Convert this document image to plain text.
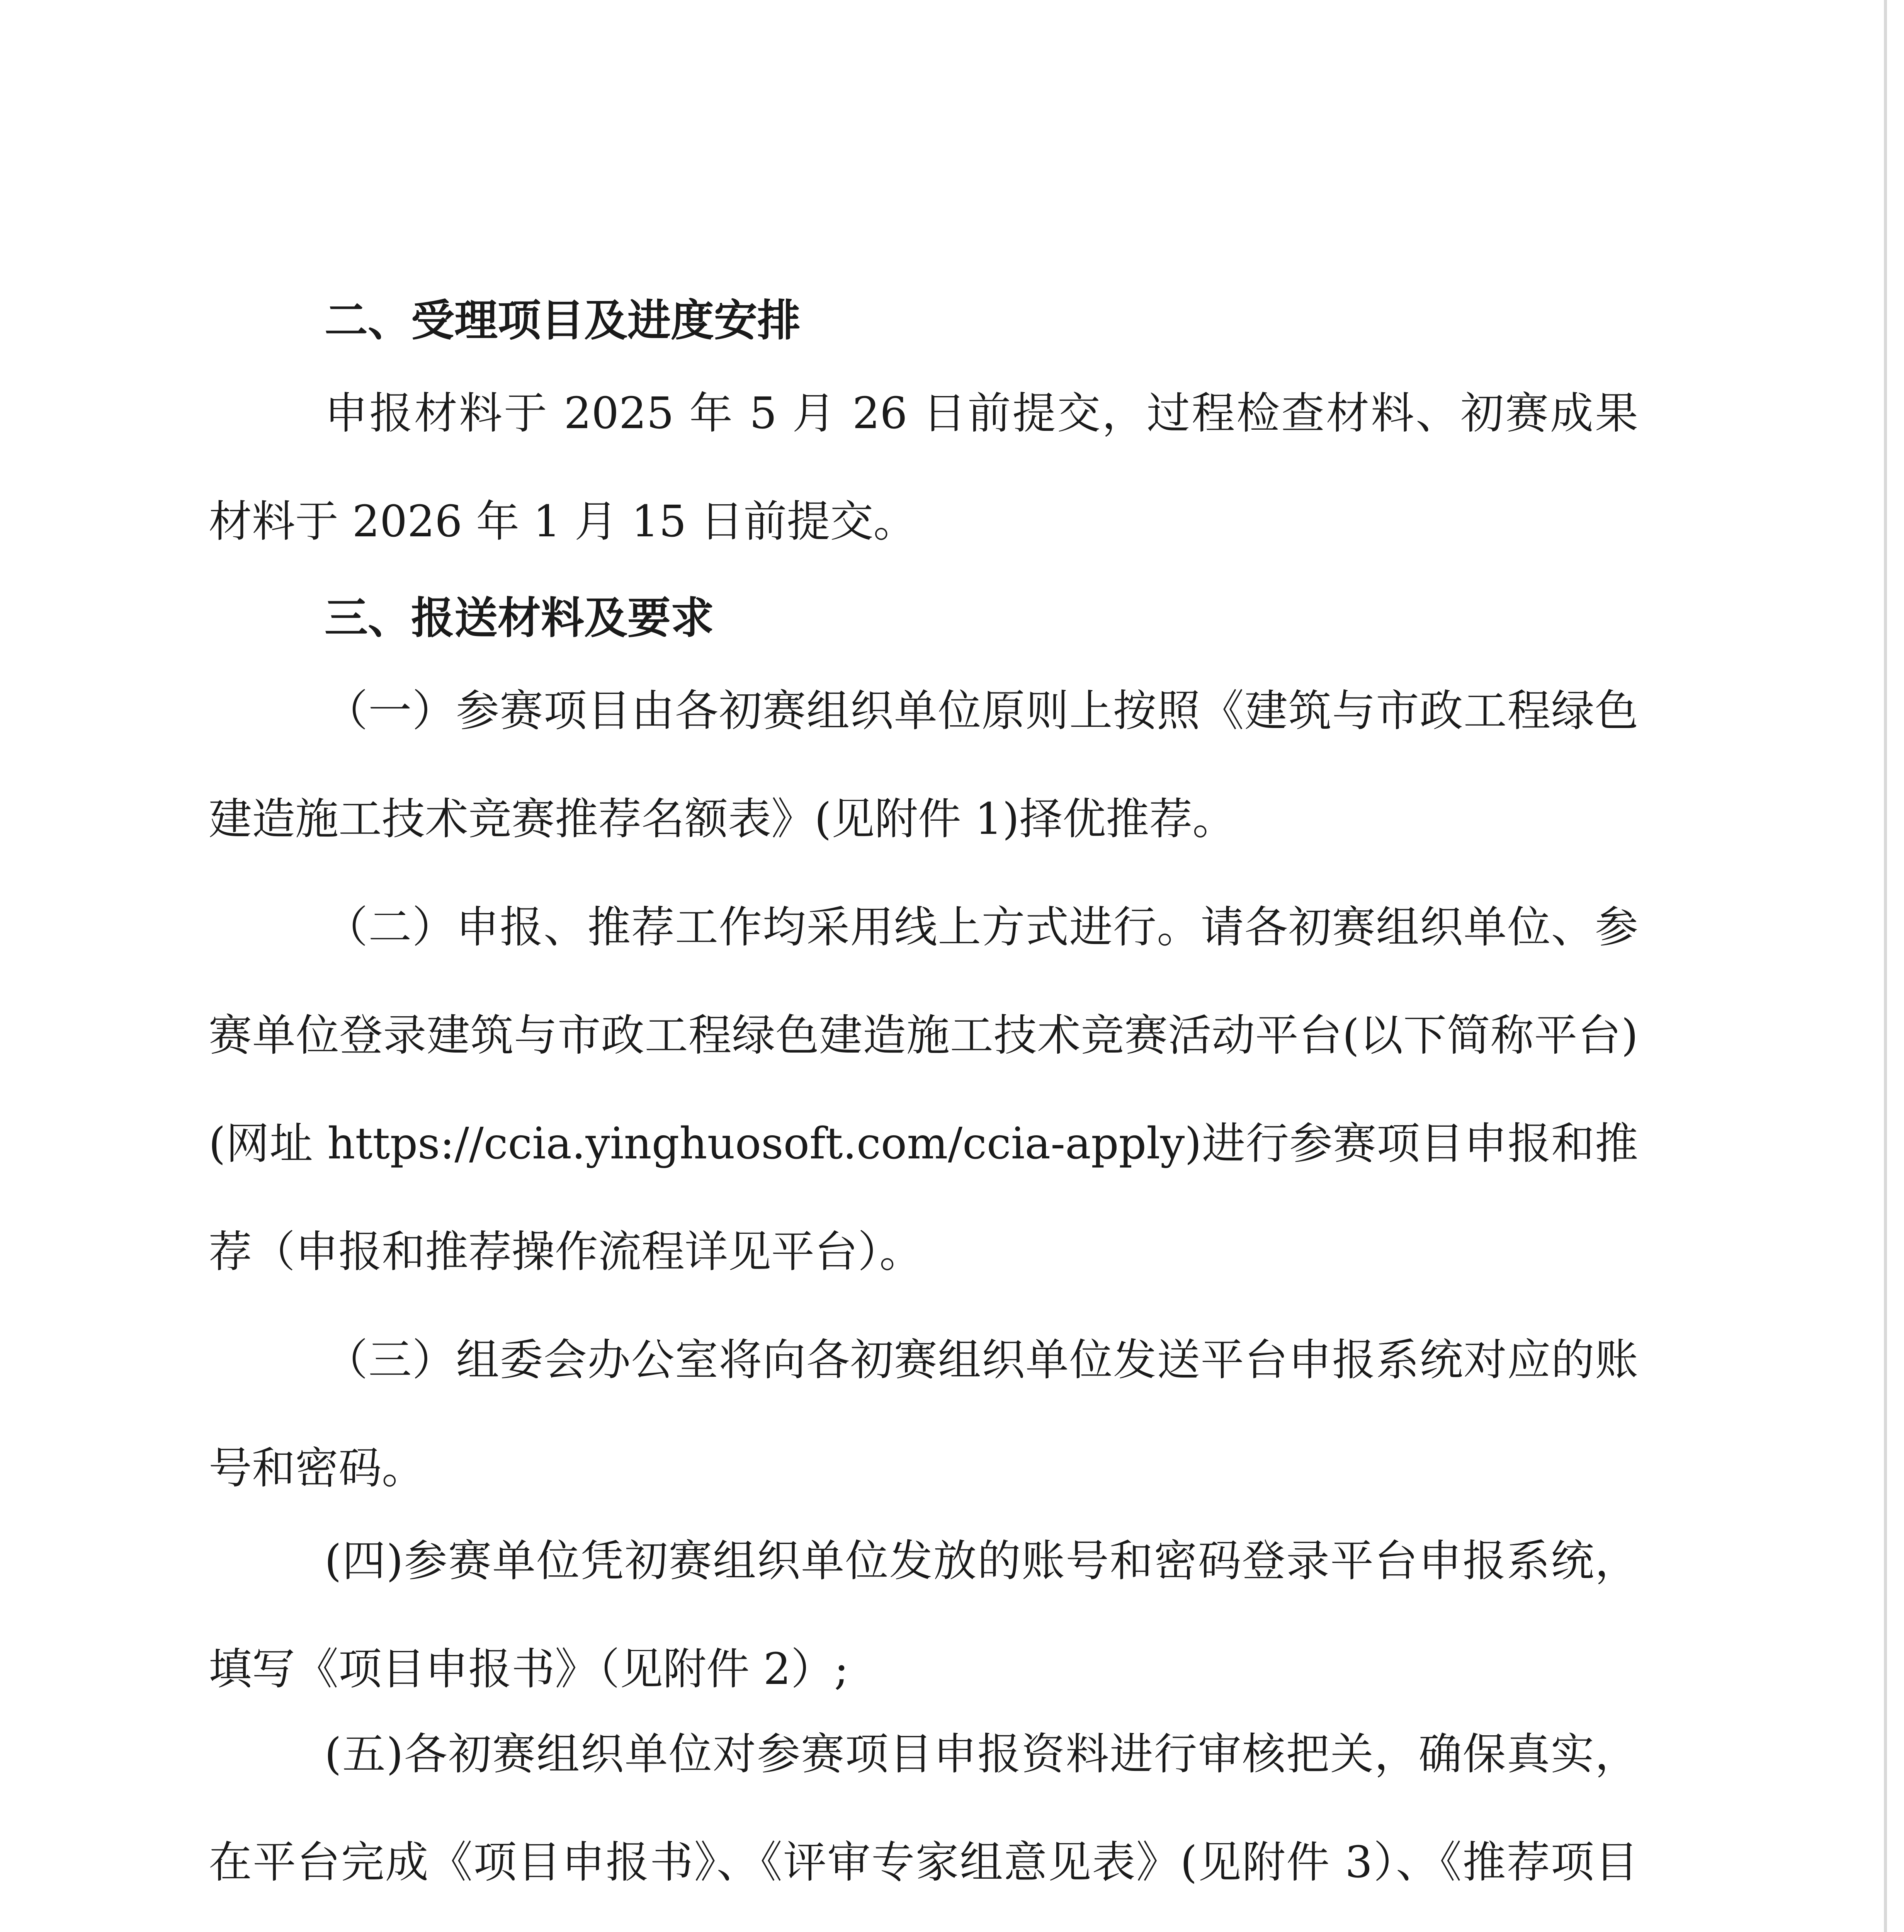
二、受理项目及进度安排
申报材料于 2025 年 5 月 26 日前提交，过程检查材料、初赛成果材料于 2026 年 1 月 15 日前提交。
三、报送材料及要求
（一）参赛项目由各初赛组织单位原则上按照《建筑与市政工程绿色建造施工技术竞赛推荐名额表》(见附件 1)择优推荐。
（二）申报、推荐工作均采用线上方式进行。请各初赛组织单位、参赛单位登录建筑与市政工程绿色建造施工技术竞赛活动平台(以下简称平台)(网址 https://ccia.yinghuosoft.com/ccia-apply)进行参赛项目申报和推荐（申报和推荐操作流程详见平台）。
（三）组委会办公室将向各初赛组织单位发送平台申报系统对应的账号和密码。
(四)参赛单位凭初赛组织单位发放的账号和密码登录平台申报系统，填写《项目申报书》（见附件 2）;
(五)各初赛组织单位对参赛项目申报资料进行审核把关，确保真实，在平台完成《项目申报书》、《评审专家组意见表》(见附件 3）、《推荐项目
